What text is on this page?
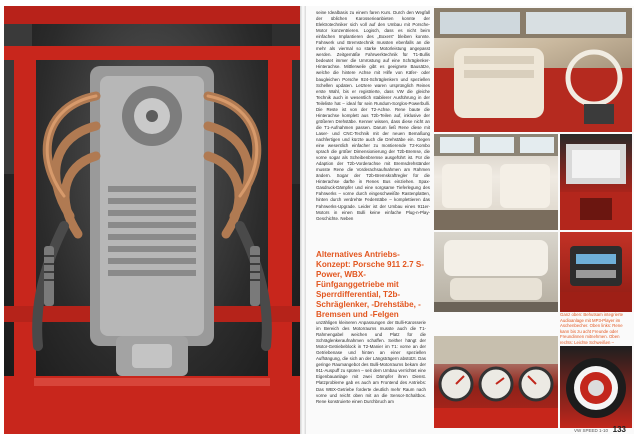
seine Idealbasis zu einem faren Kurs. Durch den Wegfall der üblichen Karosserieanbieten konnte der Elektrotechniker sich voll auf den Umbau mit Porsche-Motor konzentrieren. Logisch, dass es nicht beim einfachen Implantieren des „Boxers“ bleiben konnte. Fahrwerk und Bremstechnik mussten ebenfalls an die mehr als viermal so starke Motorleistung angepasst werden. Zeitgemäße Fahrwerktechnik für T1-Bullis bedeutet immer die Umrüstung auf eine Schräglenker-Hinterachse. Mittlerweile gibt es geeignete Bausätze, welche die hintere Achse mit Hilfe von Käfer- oder baugleichen Porsche 924-Schräglenkern und speziellen Schellen updaten. Letztere waren ursprünglich Reines erste Wahl, bis er registrierte, dass VW die gleiche Technik auch in wesentlich stabilerer Ausführung in der Teileliste hat – ideal für sein Rundum-Sorglos-Powerbulli. Die Reste ist von der T2-Achse. Rene baute die Hinterachse komplett aus T2b-Teilen auf, inklusive der größeren Drehstäbe. Kenner wissen, dass diese nicht an die T1-Aufnahmen passen. Darum ließ Rene diese mit Laser- und CNC-Technik mit der neuen Bemaßung nachfertigen und kürzte auch die Drehstäbe ein. Gegen eine wesentlich einfacher zu montierende T2-Kombo sprach die größer Dimensionierung der T2b-Bremse, die vorne sogar als Scheibenbremse ausgeführt ist. Für die Adaption der T2b-Vorderachse mit Bremsdrehständer musste Rene die Vorderachsaufnahmen am Rahmen ändern. Sogar der T2b-Bremskraftregler für die Hinterachse darfte in Renes Bus einziehen. Spax-Gasdruck-Dämpfer und eine sorgsame Tieferlegung des Fahrwerks – vorne durch eingeschweißte Rastenplatten, hinten durch verdrehte Federstäbe – komplettieren das Fahrwerks-Upgrade. Leider ist der Umbau eines 911er-Motors in einen Bulli keine einfache Plug-n-Play-Geschichte. Neben
Alternatives Antriebs-Konzept: Porsche 911 2.7 S-Power, WBX-Fünfganggetriebe mit Sperrdifferential, T2b-Schräglenker, -Drehstäbe, -Bremsen und -Felgen
unzähligen kleineren Anpassungen der Bulli-Karosserie im Bereich des Motorraums musste auch die T1-Rahmengabel weichen und Platz für die Schräglenkeraufnahmen schaffen. Seither hängt der Motor-Getriebeblock in T2-Manier im T1: vorne an der Getriebenase und hinten an einer speziellen Aufhängung, die sich an der Längsträgern abstützt. Das geringe Raumangebot des Bulli-Motorraums bekam der 911-Auspuff zu spüren – seit dem Umbau verrichtet eine Eigenbauanlage mit zwei Dämpfer ihren Dienst. Platzprobleme gab es auch am Frontend des Antriebs: Das WBX-Getriebe forderte deutlich mehr Raum nach vorne und reicht oben mit an die Sensor-Schaltbox. Rene konstruierte einen Durchbruch am
Ganz oben: Behutsam integrierte Audioanlage mit MP3-Player im Aschenbecher. Oben links: Rene kann bis zu acht Freunde oder Freundinnen mitnehmen. Oben rechts: Leichte Schweißen –
VW SPEED 1-10 133
